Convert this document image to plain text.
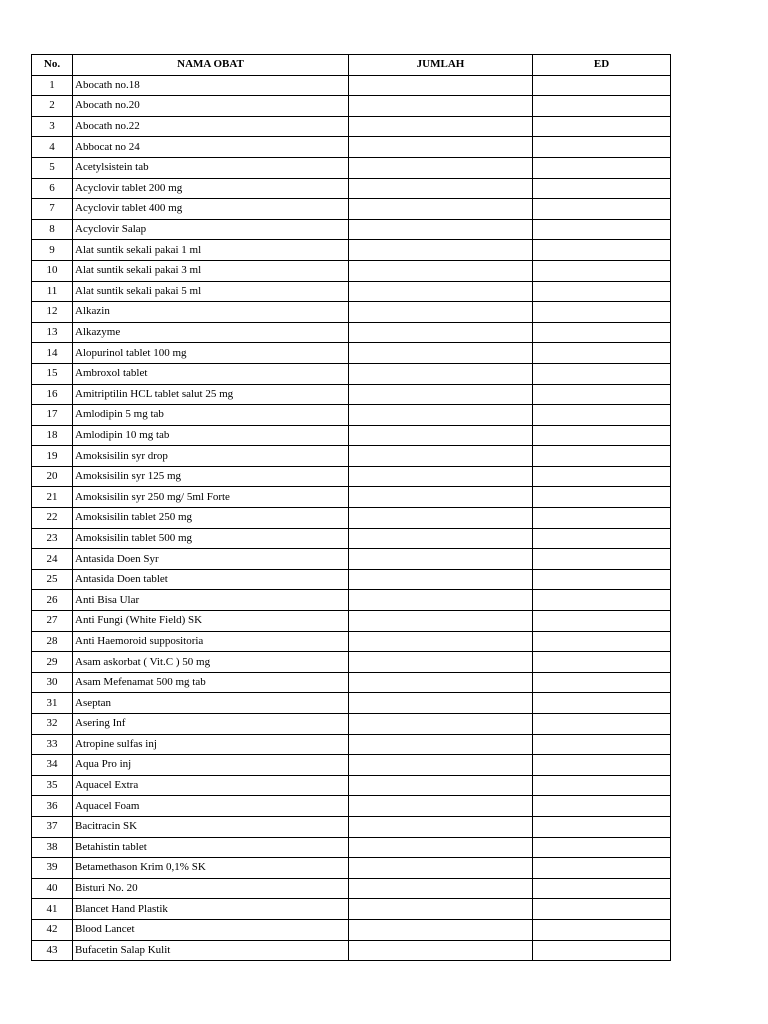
No.	NAMA OBAT	JUMLAH	ED
1	Abocath no.18		
2	Abocath no.20		
3	Abocath no.22		
4	Abbocat no 24		
5	Acetylsistein tab		
6	Acyclovir tablet 200 mg		
7	Acyclovir tablet 400 mg		
8	Acyclovir Salap		
9	Alat suntik sekali pakai 1 ml		
10	Alat suntik sekali pakai 3 ml		
11	Alat suntik sekali pakai 5 ml		
12	Alkazin		
13	Alkazyme		
14	Alopurinol tablet 100 mg		
15	Ambroxol tablet		
16	Amitriptilin HCL tablet salut 25 mg		
17	Amlodipin 5 mg tab		
18	Amlodipin 10 mg tab		
19	Amoksisilin syr drop		
20	Amoksisilin syr 125 mg		
21	Amoksisilin syr 250 mg/ 5ml Forte		
22	Amoksisilin tablet 250 mg		
23	Amoksisilin tablet 500 mg		
24	Antasida Doen Syr		
25	Antasida Doen tablet		
26	Anti Bisa Ular		
27	Anti Fungi (White Field) SK		
28	Anti Haemoroid suppositoria		
29	Asam askorbat ( Vit.C ) 50 mg		
30	Asam Mefenamat 500 mg tab		
31	Aseptan		
32	Asering Inf		
33	Atropine sulfas inj		
34	Aqua Pro inj		
35	Aquacel Extra		
36	Aquacel Foam		
37	Bacitracin SK		
38	Betahistin tablet		
39	Betamethason Krim 0,1% SK		
40	Bisturi No. 20		
41	Blancet Hand Plastik		
42	Blood Lancet		
43	Bufacetin Salap Kulit		
